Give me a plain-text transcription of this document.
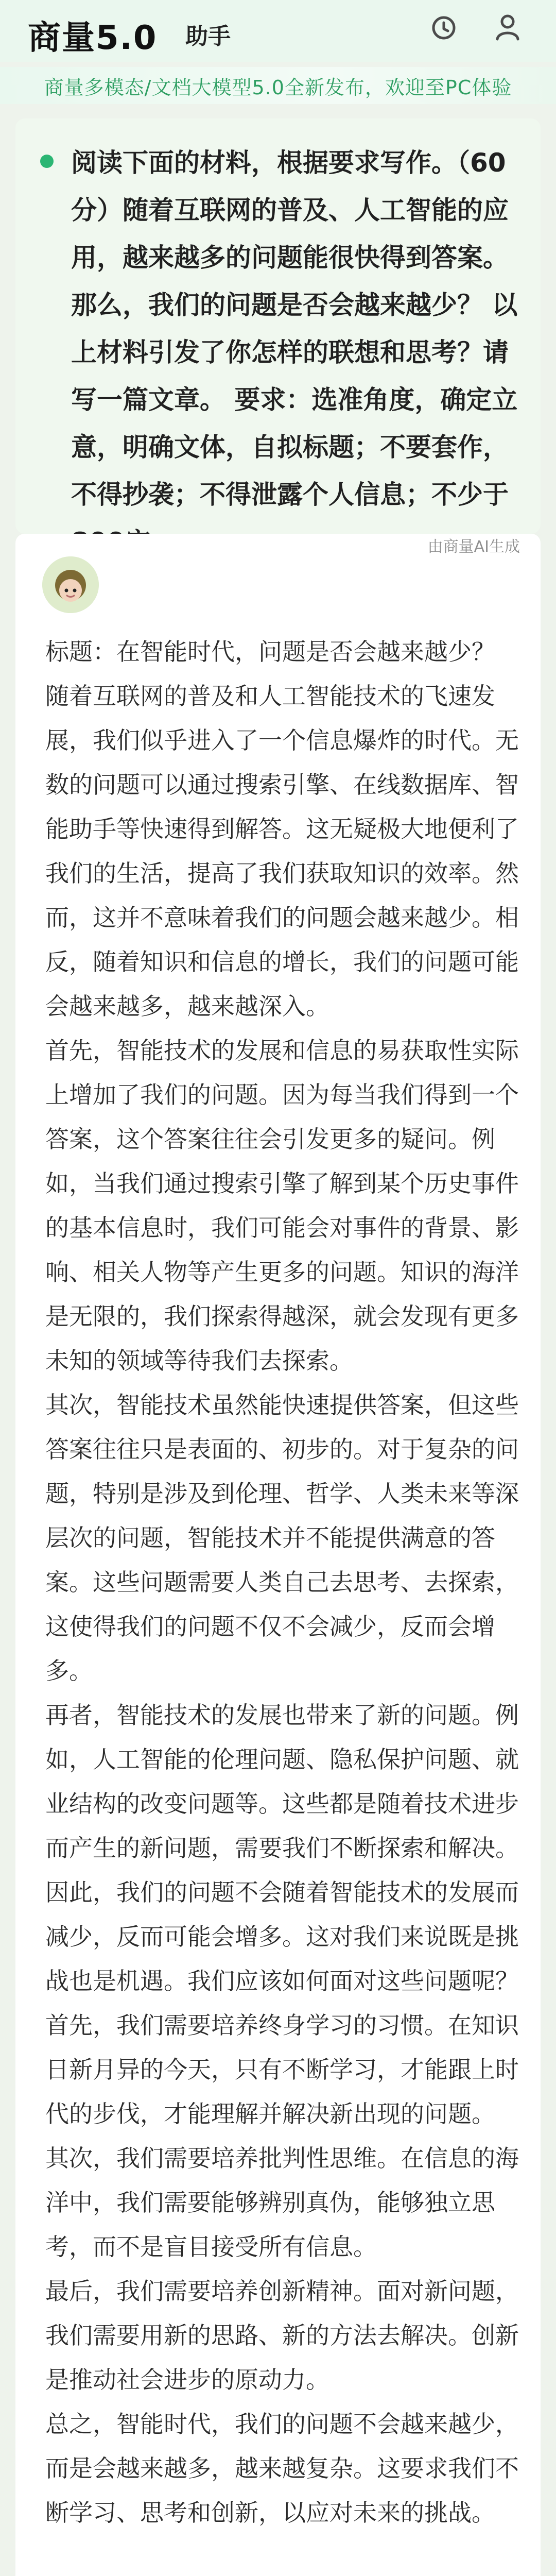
商量5.0 助手
商量多模态/文档大模型5.0全新发布，欢迎至PC体验
阅读下面的材料，根据要求写作。（60分）随着互联网的普及、人工智能的应用，越来越多的问题能很快得到答案。那么，我们的问题是否会越来越少？ 以上材料引发了你怎样的联想和思考？请写一篇文章。 要求：选准角度，确定立意，明确文体，自拟标题；不要套作，不得抄袭；不得泄露个人信息；不少于
由商量AI生成

标题：在智能时代，问题是否会越来越少？

随着互联网的普及和人工智能技术的飞速发展，我们似乎进入了一个信息爆炸的时代。无数的问题可以通过搜索引擎、在线数据库、智能助手等快速得到解答。这无疑极大地便利了我们的生活，提高了我们获取知识的效率。然而，这并不意味着我们的问题会越来越少。相反，随着知识和信息的增长，我们的问题可能会越来越多，越来越深入。

首先，智能技术的发展和信息的易获取性实际上增加了我们的问题。因为每当我们得到一个答案，这个答案往往会引发更多的疑问。例如，当我们通过搜索引擎了解到某个历史事件的基本信息时，我们可能会对事件的背景、影响、相关人物等产生更多的问题。知识的海洋是无限的，我们探索得越深，就会发现有更多未知的领域等待我们去探索。

其次，智能技术虽然能快速提供答案，但这些答案往往只是表面的、初步的。对于复杂的问题，特别是涉及到伦理、哲学、人类未来等深层次的问题，智能技术并不能提供满意的答案。这些问题需要人类自己去思考、去探索，这使得我们的问题不仅不会减少，反而会增多。

再者，智能技术的发展也带来了新的问题。例如，人工智能的伦理问题、隐私保护问题、就业结构的改变问题等。这些都是随着技术进步而产生的新问题，需要我们不断探索和解决。

因此，我们的问题不会随着智能技术的发展而减少，反而可能会增多。这对我们来说既是挑战也是机遇。我们应该如何面对这些问题呢？

首先，我们需要培养终身学习的习惯。在知识日新月异的今天，只有不断学习，才能跟上时代的步伐，才能理解并解决新出现的问题。

其次，我们需要培养批判性思维。在信息的海洋中，我们需要能够辨别真伪，能够独立思考，而不是盲目接受所有信息。

最后，我们需要培养创新精神。面对新问题，我们需要用新的思路、新的方法去解决。创新是推动社会进步的原动力。

总之，智能时代，我们的问题不会越来越少，而是会越来越多，越来越复杂。这要求我们不断学习、思考和创新，以应对未来的挑战。
